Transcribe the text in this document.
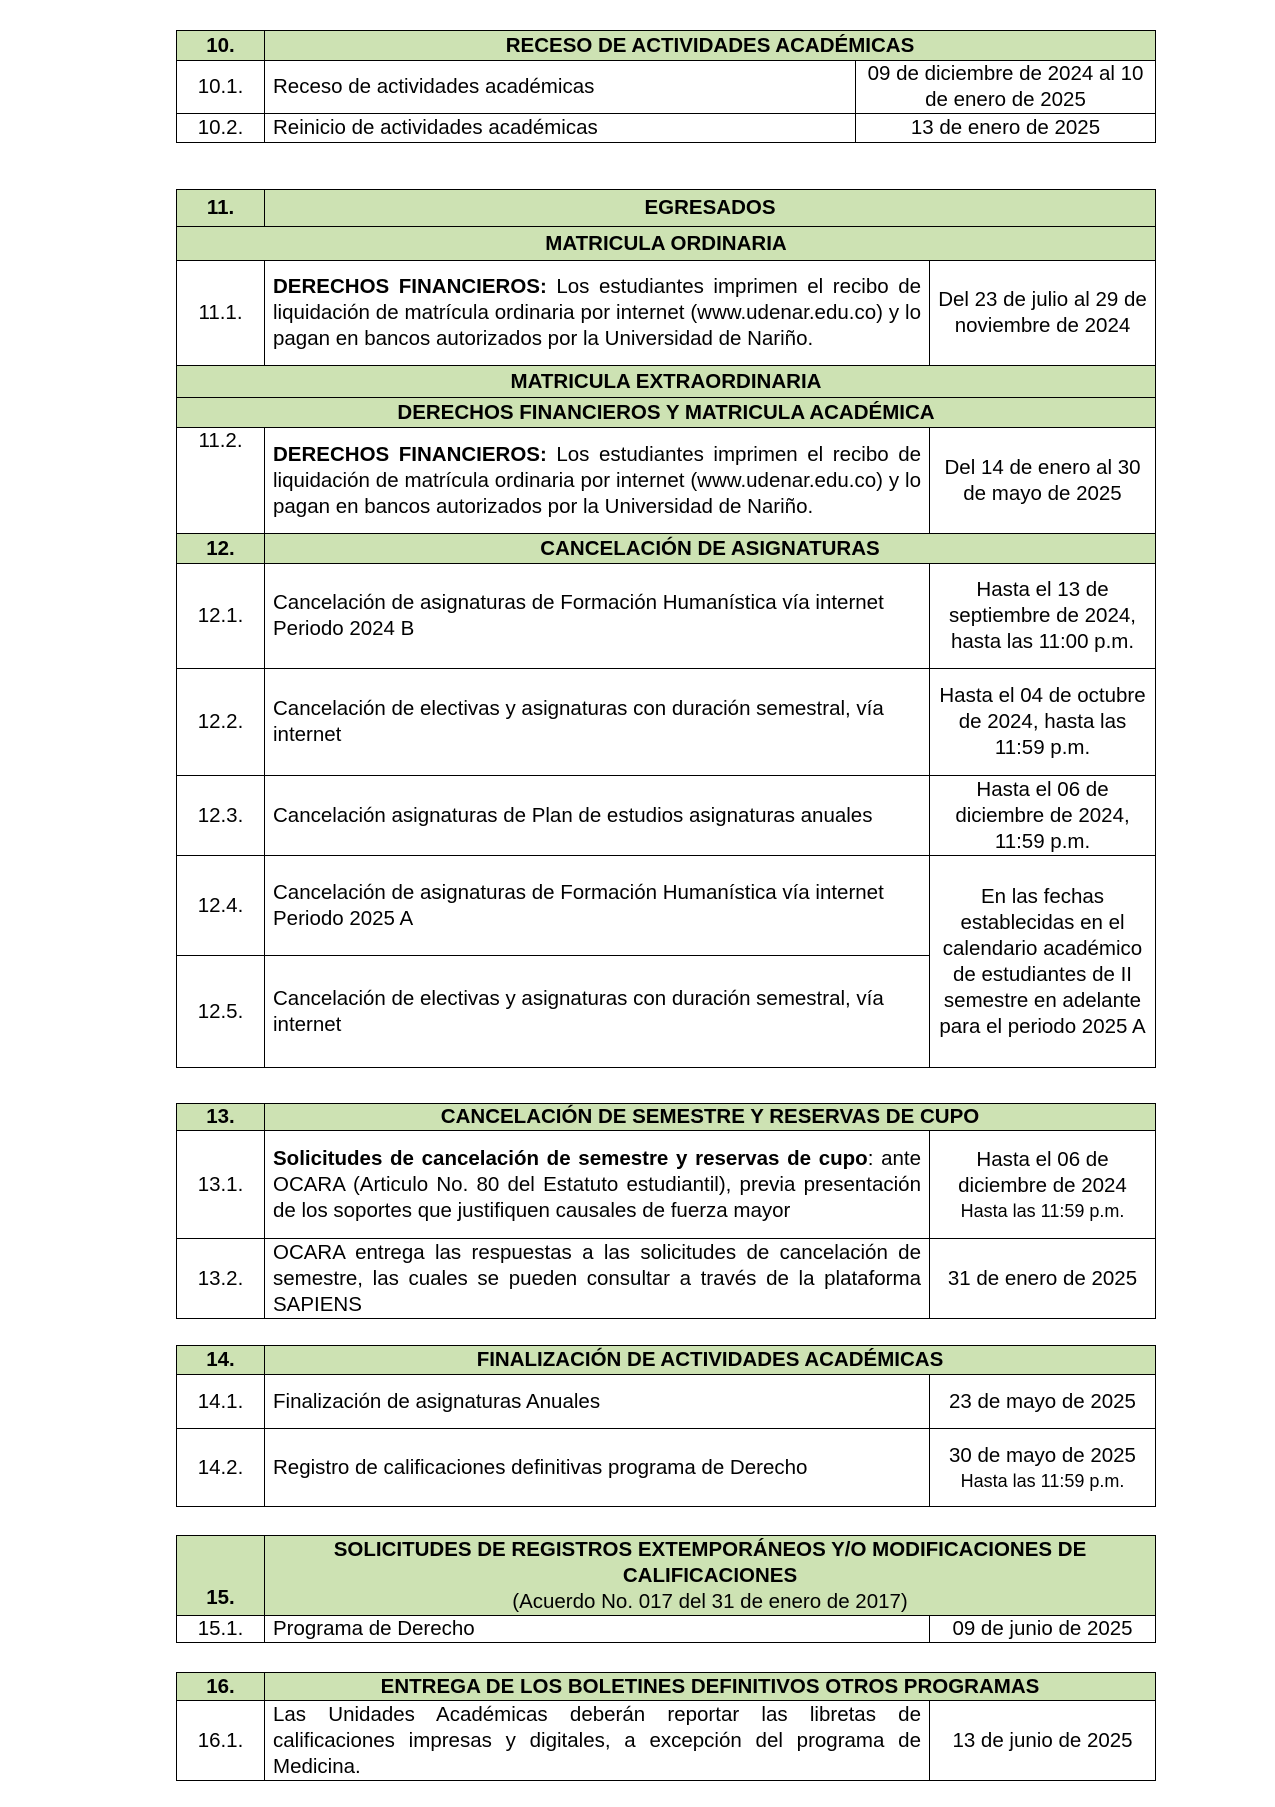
10.	RECESO DE ACTIVIDADES ACADÉMICAS	
10.1.	Receso de actividades académicas	09 de diciembre de 2024 al 10 de enero de 2025
10.2.	Reinicio de actividades académicas	13 de enero de 2025
11.	EGRESADOS	
MATRICULA ORDINARIA		
11.1.	DERECHOS FINANCIEROS: Los estudiantes imprimen el recibo de liquidación de matrícula ordinaria por internet (www.udenar.edu.co) y lo pagan en bancos autorizados por la Universidad de Nariño.	Del 23 de julio al 29 de noviembre de 2024
MATRICULA EXTRAORDINARIA		
DERECHOS FINANCIEROS Y MATRICULA ACADÉMICA		
11.2.	DERECHOS FINANCIEROS: Los estudiantes imprimen el recibo de liquidación de matrícula ordinaria por internet (www.udenar.edu.co) y lo pagan en bancos autorizados por la Universidad de Nariño.	Del 14 de enero al 30 de mayo de 2025
12.	CANCELACIÓN DE ASIGNATURAS	
12.1.	Cancelación de asignaturas de Formación Humanística vía internet Periodo 2024 B	Hasta el 13 de septiembre de 2024, hasta las 11:00 p.m.
12.2.	Cancelación de electivas y asignaturas con duración semestral, vía internet	Hasta el 04 de octubre de 2024, hasta las 11:59 p.m.
12.3.	Cancelación asignaturas de Plan de estudios asignaturas anuales	Hasta el 06 de diciembre de 2024, 11:59 p.m.
12.4.	Cancelación de asignaturas de Formación Humanística vía internet Periodo 2025 A	En las fechas establecidas en el calendario académico de estudiantes de II semestre en adelante para el periodo 2025 A
12.5.	Cancelación de electivas y asignaturas con duración semestral, vía internet	
13.	CANCELACIÓN DE SEMESTRE Y RESERVAS DE CUPO	
13.1.	Solicitudes de cancelación de semestre y reservas de cupo: ante OCARA (Articulo No. 80 del Estatuto estudiantil), previa presentación de los soportes que justifiquen causales de fuerza mayor	Hasta el 06 de diciembre de 2024
Hasta las 11:59 p.m.

13.2.	OCARA entrega las respuestas a las solicitudes de cancelación de semestre, las cuales se pueden consultar a través de la plataforma SAPIENS	31 de enero de 2025
14.	FINALIZACIÓN DE ACTIVIDADES ACADÉMICAS	
14.1.	Finalización de asignaturas Anuales	23 de mayo de 2025
14.2.	Registro de calificaciones definitivas programa de Derecho	30 de mayo de 2025
Hasta las 11:59 p.m.
15.	SOLICITUDES DE REGISTROS EXTEMPORÁNEOS Y/O MODIFICACIONES DE CALIFICACIONES
(Acuerdo No. 017 del 31 de enero de 2017)	
15.1.	Programa de Derecho	09 de junio de 2025
16.	ENTREGA DE LOS BOLETINES DEFINITIVOS OTROS PROGRAMAS	
16.1.	Las Unidades Académicas deberán reportar las libretas de calificaciones impresas y digitales, a excepción del programa de Medicina.	13 de junio de 2025
